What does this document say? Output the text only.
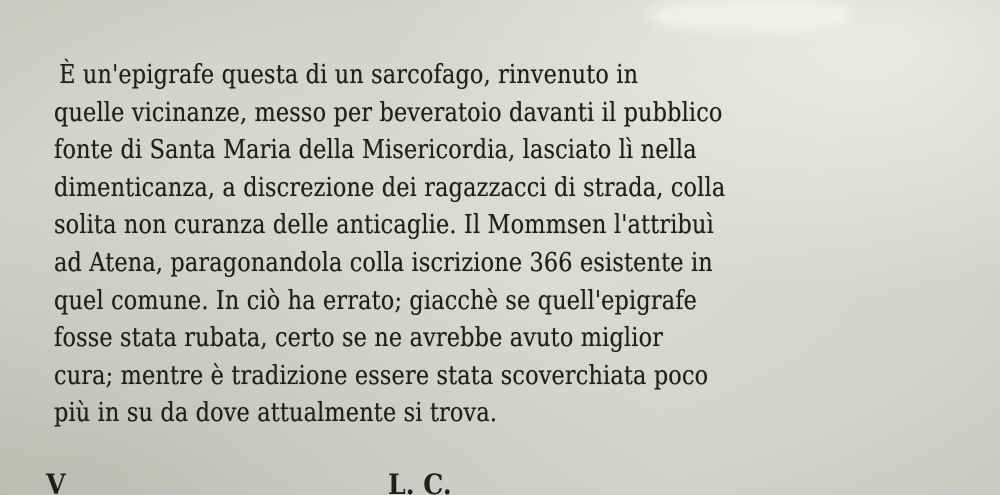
È un'epigrafe questa di un sarcofago, rinvenuto in
quelle vicinanze, messo per beveratoio davanti il pubblico
fonte di Santa Maria della Misericordia, lasciato lì nella
dimenticanza, a discrezione dei ragazzacci di strada, colla
solita non curanza delle anticaglie. Il Mommsen l'attribuì
ad Atena, paragonandola colla iscrizione 366 esistente in
quel comune. In ciò ha errato; giacchè se quell'epigrafe
fosse stata rubata, certo se ne avrebbe avuto miglior
cura; mentre è tradizione essere stata scoverchiata poco
più in su da dove attualmente si trova.
V	L. C.
